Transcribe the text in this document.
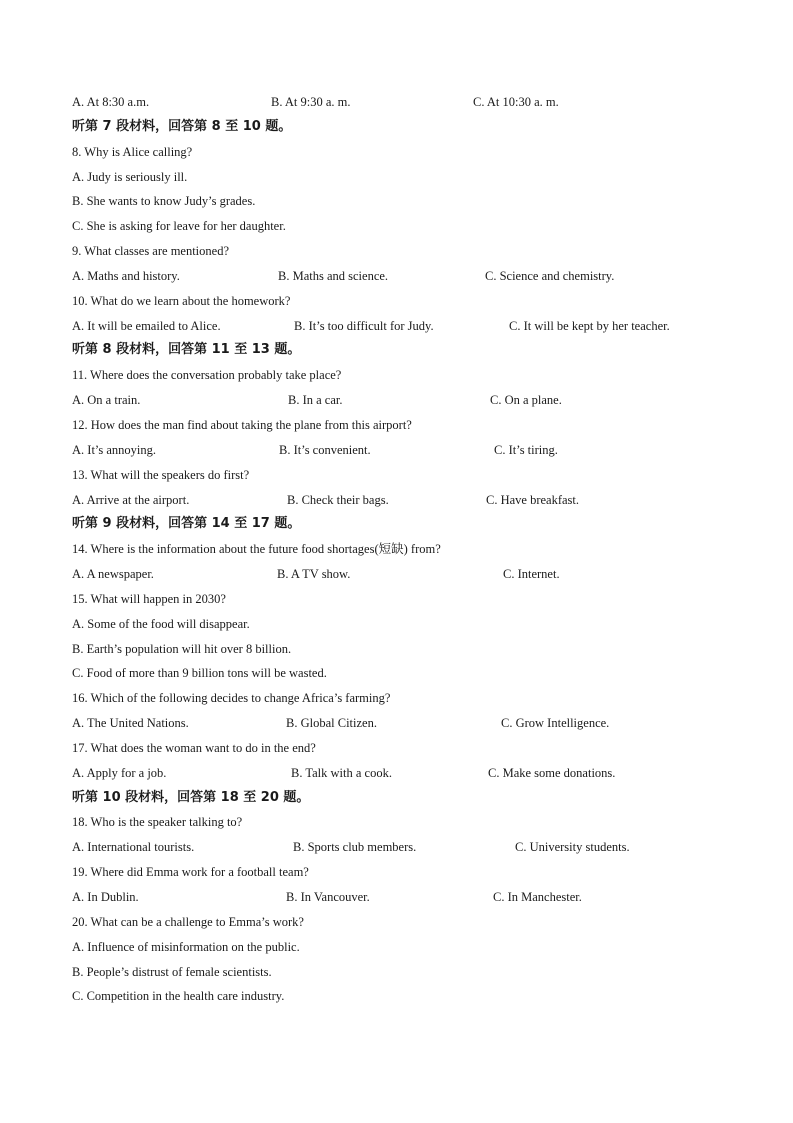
A. At 8:30 a.m.	B. At 9:30 a. m.	C. At 10:30 a. m.
听第 7 段材料，回答第 8 至 10 题。
8. Why is Alice calling?
A. Judy is seriously ill.
B. She wants to know Judy’s grades.
C. She is asking for leave for her daughter.
9. What classes are mentioned?
A. Maths and history.	B. Maths and science.	C. Science and chemistry.
10. What do we learn about the homework?
A. It will be emailed to Alice.	B. It’s too difficult for Judy.	C. It will be kept by her teacher.
听第 8 段材料，回答第 11 至 13 题。
11. Where does the conversation probably take place?
A. On a train.	B. In a car.	C. On a plane.
12. How does the man find about taking the plane from this airport?
A. It’s annoying.	B. It’s convenient.	C. It’s tiring.
13. What will the speakers do first?
A. Arrive at the airport.	B. Check their bags.	C. Have breakfast.
听第 9 段材料，回答第 14 至 17 题。
14. Where is the information about the future food shortages(短缺) from?
A. A newspaper.	B. A TV show.	C. Internet.
15. What will happen in 2030?
A. Some of the food will disappear.
B. Earth’s population will hit over 8 billion.
C. Food of more than 9 billion tons will be wasted.
16. Which of the following decides to change Africa’s farming?
A. The United Nations.	B. Global Citizen.	C. Grow Intelligence.
17. What does the woman want to do in the end?
A. Apply for a job.	B. Talk with a cook.	C. Make some donations.
听第 10 段材料，回答第 18 至 20 题。
18. Who is the speaker talking to?
A. International tourists.	B. Sports club members.	C. University students.
19. Where did Emma work for a football team?
A. In Dublin.	B. In Vancouver.	C. In Manchester.
20. What can be a challenge to Emma’s work?
A. Influence of misinformation on the public.
B. People’s distrust of female scientists.
C. Competition in the health care industry.
